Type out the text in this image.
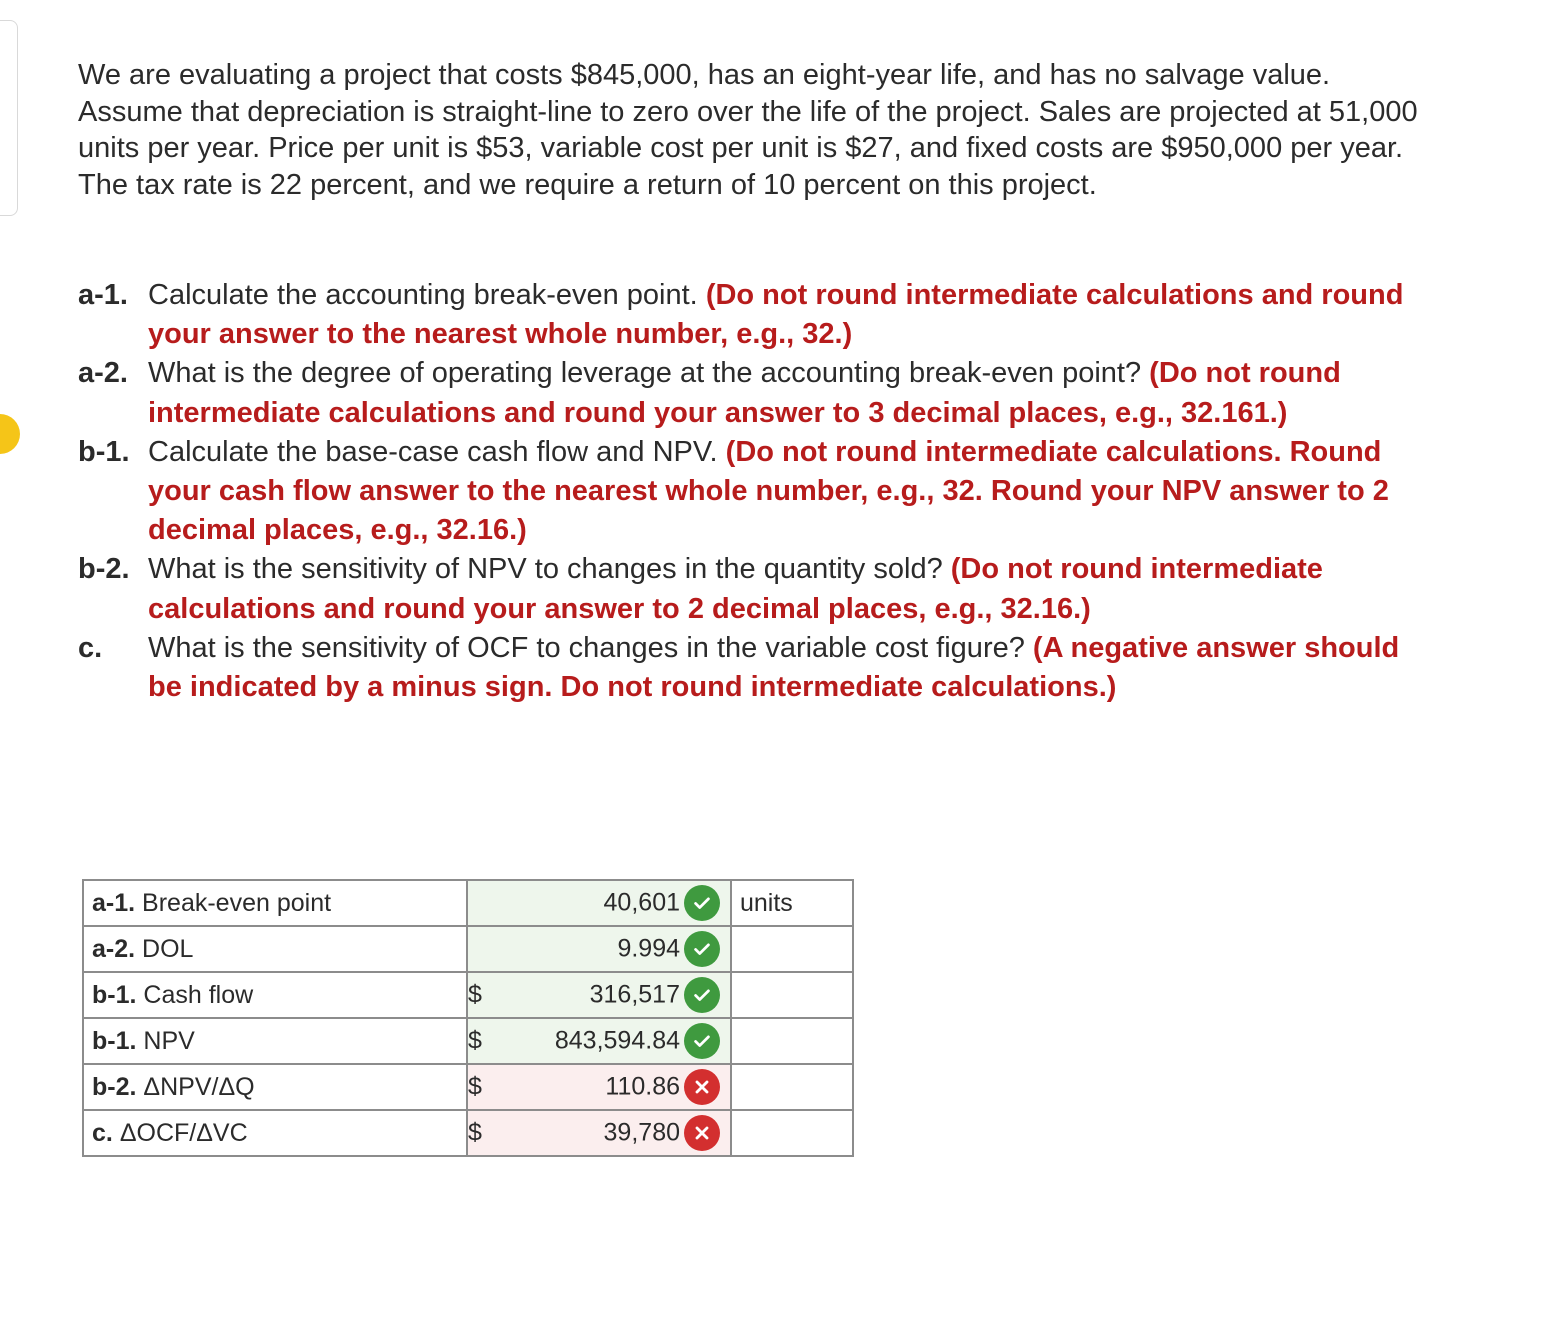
We are evaluating a project that costs $845,000, has an eight-year life, and has no salvage value. Assume that depreciation is straight-line to zero over the life of the project. Sales are projected at 51,000 units per year. Price per unit is $53, variable cost per unit is $27, and fixed costs are $950,000 per year. The tax rate is 22 percent, and we require a return of 10 percent on this project.

a-1. Calculate the accounting break-even point. (Do not round intermediate calculations and round your answer to the nearest whole number, e.g., 32.)
a-2. What is the degree of operating leverage at the accounting break-even point? (Do not round intermediate calculations and round your answer to 3 decimal places, e.g., 32.161.)
b-1. Calculate the base-case cash flow and NPV. (Do not round intermediate calculations. Round your cash flow answer to the nearest whole number, e.g., 32. Round your NPV answer to 2 decimal places, e.g., 32.16.)
b-2. What is the sensitivity of NPV to changes in the quantity sold? (Do not round intermediate calculations and round your answer to 2 decimal places, e.g., 32.16.)
c. What is the sensitivity of OCF to changes in the variable cost figure? (A negative answer should be indicated by a minus sign. Do not round intermediate calculations.)
a-1. Break-even point	40,601	units
a-2. DOL	9.994	

b-1. Cash flow	$ 316,517	

b-1. NPV	$ 843,594.84	

b-2. ΔNPV/ΔQ	$ 110.86	

c. ΔOCF/ΔVC	$ 39,780	
